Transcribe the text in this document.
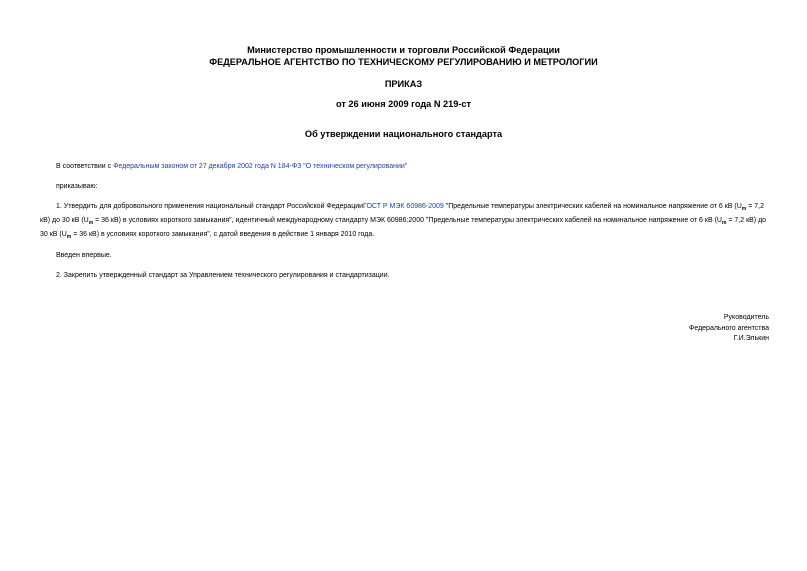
Министерство промышленности и торговли Российской Федерации
ФЕДЕРАЛЬНОЕ АГЕНТСТВО ПО ТЕХНИЧЕСКОМУ РЕГУЛИРОВАНИЮ И МЕТРОЛОГИИ
ПРИКАЗ
от 26 июня 2009 года N 219-ст
Об утверждении национального стандарта
В соответствии с Федеральным законом от 27 декабря 2002 года N 184-ФЗ "О техническом регулировании"
приказываю:
1. Утвердить для добровольного применения национальный стандарт Российской ФедерацииГОСТ Р МЭК 60986-2009 "Предельные температуры электрических кабелей на номинальное напряжение от 6 кВ ($U_m = 7,2$ кВ) до 30 кВ ($U_m = 36$ кВ) в условиях короткого замыкания", идентичный международному стандарту МЭК 60986:2000 "Предельные температуры электрических кабелей на номинальное напряжение от 6 кВ ($U_m = 7,2$ кВ) до 30 кВ ($U_m = 36$ кВ) в условиях короткого замыкания", с датой введения в действие 1 января 2010 года.
Введен впервые.
2. Закрепить утвержденный стандарт за Управлением технического регулирования и стандартизации.
Руководитель
Федерального агентства
Г.И.Элькин
